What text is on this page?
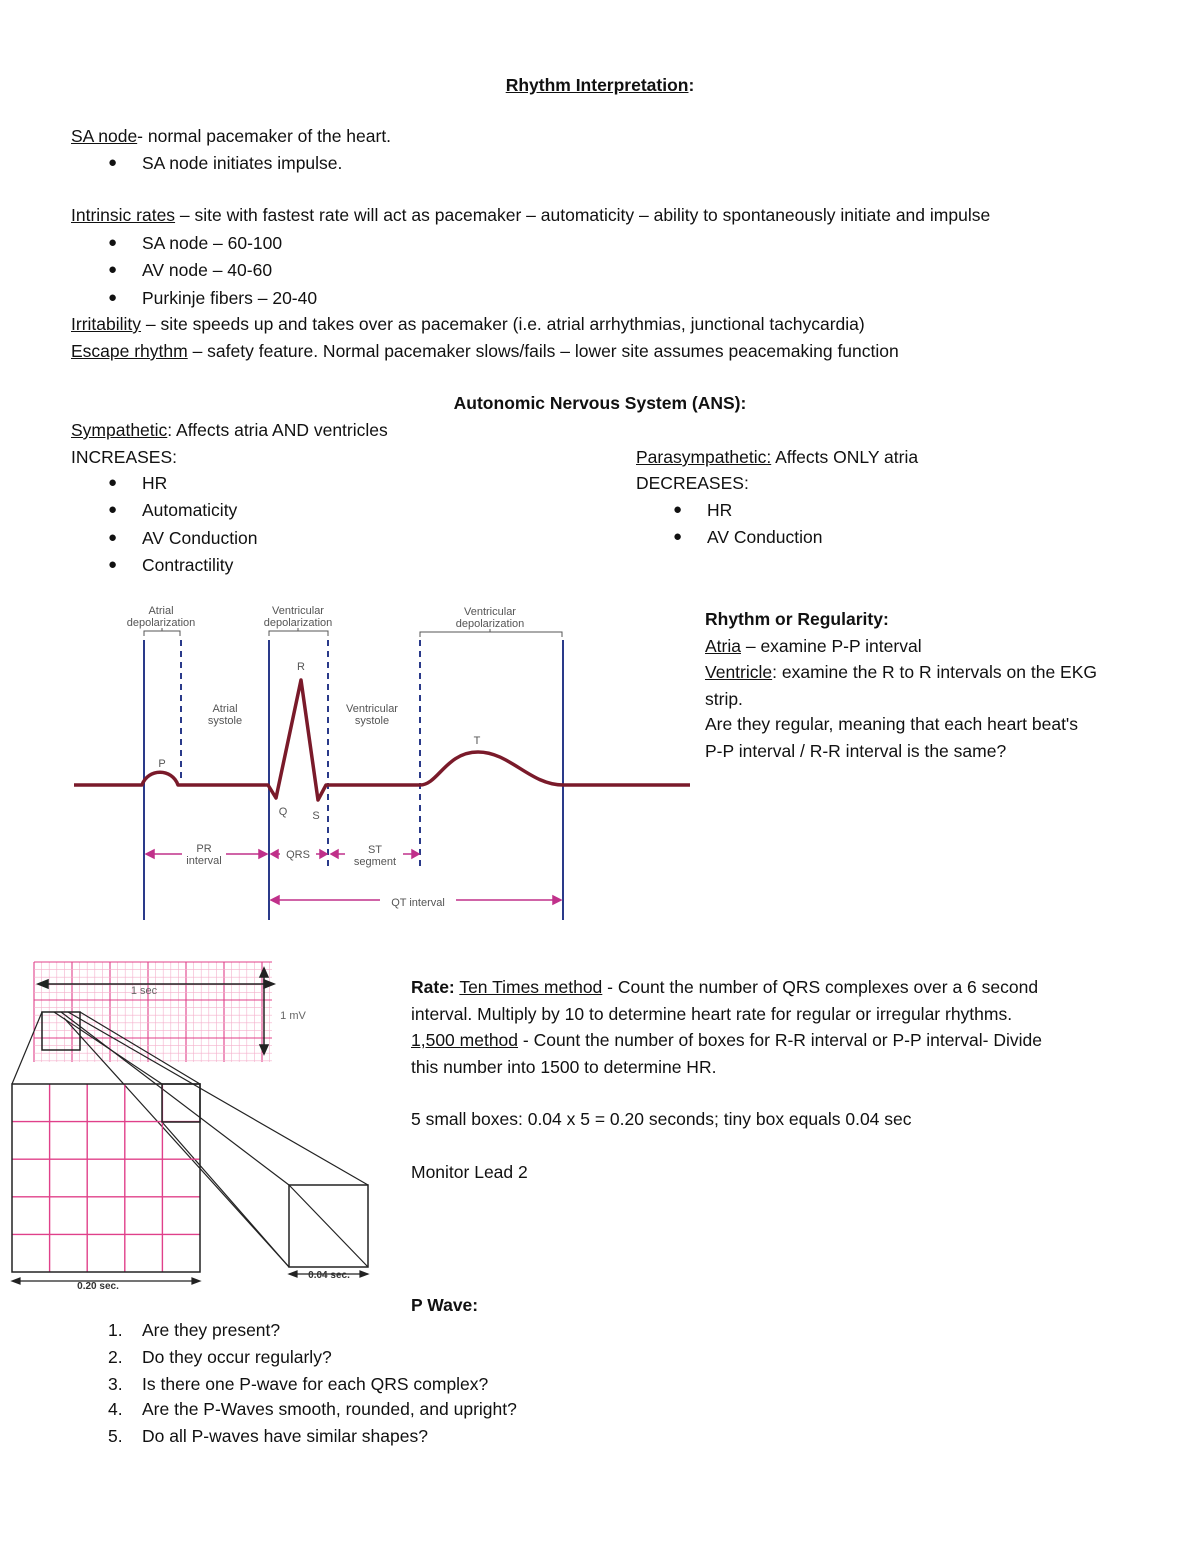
Rhythm Interpretation:
SA node- normal pacemaker of the heart.
● SA node initiates impulse.
Intrinsic rates – site with fastest rate will act as pacemaker – automaticity – ability to spontaneously initiate and impulse
● SA node – 60-100
● AV node – 40-60
● Purkinje fibers – 20-40
Irritability – site speeds up and takes over as pacemaker (i.e. atrial arrhythmias, junctional tachycardia)
Escape rhythm – safety feature. Normal pacemaker slows/fails – lower site assumes peacemaking function
Autonomic Nervous System (ANS):
Sympathetic: Affects atria AND ventricles
INCREASES:
● HR
● Automaticity
● AV Conduction
● Contractility
Parasympathetic: Affects ONLY atria
DECREASES:
● HR
● AV Conduction
Atrial
depolarization
Ventricular
depolarization
Ventricular
depolarization
Atrial
systole
Ventricular
systole
P
R
Q S
T
PR
interval	QRS	ST
segment
QT interval
Rhythm or Regularity:
Atria – examine P-P interval
Ventricle: examine the R to R intervals on the EKG
strip.
Are they regular, meaning that each heart beat's
P-P interval / R-R interval is the same?
1 sec
1 mV
0.20 sec.
0.04 sec.
Rate: Ten Times method - Count the number of QRS complexes over a 6 second
interval. Multiply by 10 to determine heart rate for regular or irregular rhythms.
1,500 method - Count the number of boxes for R-R interval or P-P interval- Divide
this number into 1500 to determine HR.
5 small boxes: 0.04 x 5 = 0.20 seconds; tiny box equals 0.04 sec
Monitor Lead 2
P Wave:
1. Are they present?
2. Do they occur regularly?
3. Is there one P-wave for each QRS complex?
4. Are the P-Waves smooth, rounded, and upright?
5. Do all P-waves have similar shapes?
